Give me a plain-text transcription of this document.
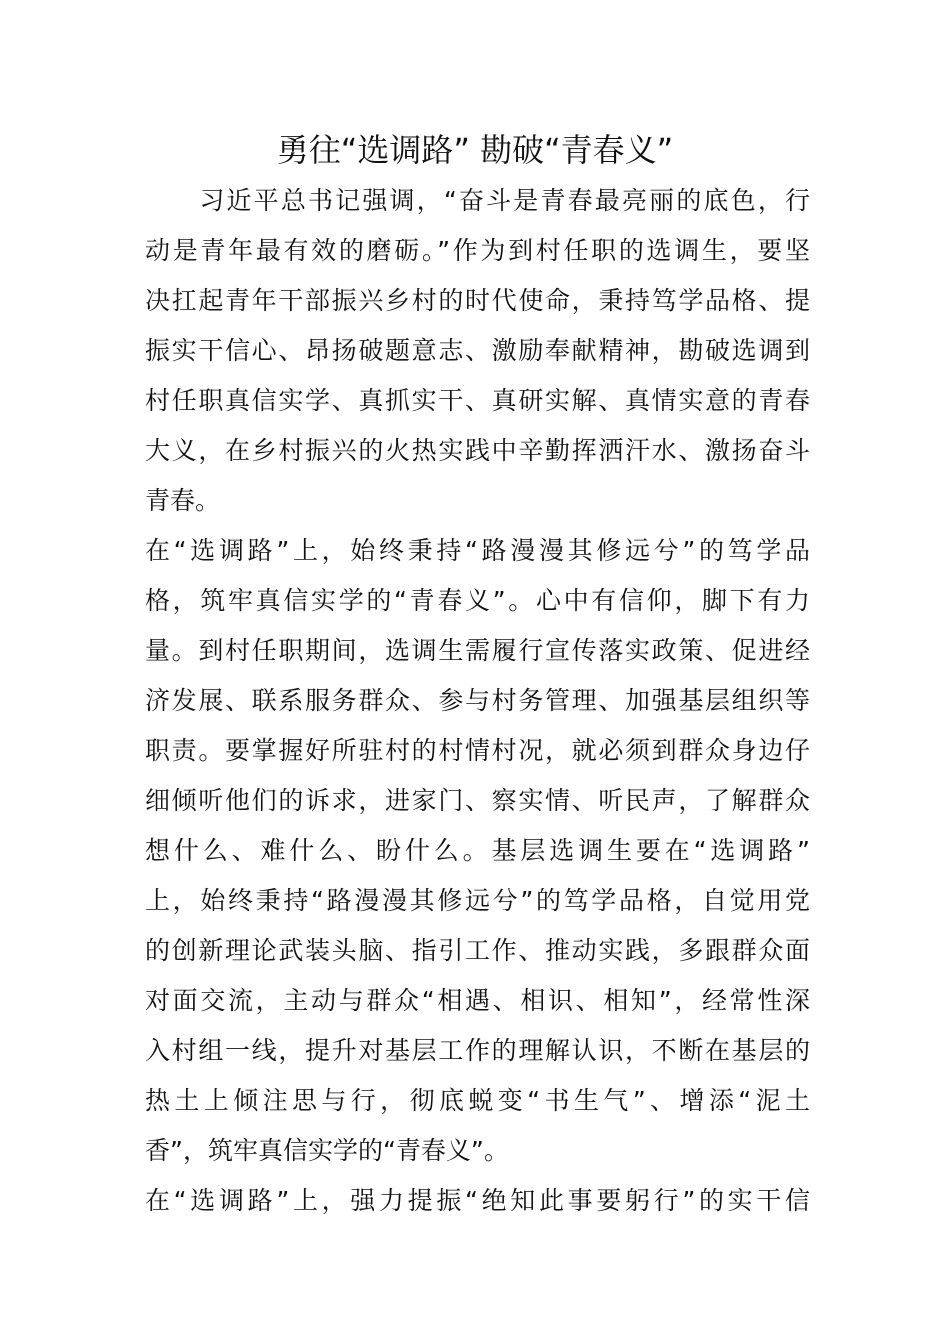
勇往“选调路” 勘破“青春义”
　　习近平总书记强调，“奋斗是青春最亮丽的底色，行
动是青年最有效的磨砺。”作为到村任职的选调生，要坚
决扛起青年干部振兴乡村的时代使命，秉持笃学品格、提
振实干信心、昂扬破题意志、激励奉献精神，勘破选调到
村任职真信实学、真抓实干、真研实解、真情实意的青春
大义，在乡村振兴的火热实践中辛勤挥洒汗水、激扬奋斗
青春。
在“选调路”上，始终秉持“路漫漫其修远兮”的笃学品
格，筑牢真信实学的“青春义”。心中有信仰，脚下有力
量。到村任职期间，选调生需履行宣传落实政策、促进经
济发展、联系服务群众、参与村务管理、加强基层组织等
职责。要掌握好所驻村的村情村况，就必须到群众身边仔
细倾听他们的诉求，进家门、察实情、听民声，了解群众
想什么、难什么、盼什么。基层选调生要在“选调路”
上，始终秉持“路漫漫其修远兮”的笃学品格，自觉用党
的创新理论武装头脑、指引工作、推动实践，多跟群众面
对面交流，主动与群众“相遇、相识、相知”，经常性深
入村组一线，提升对基层工作的理解认识，不断在基层的
热土上倾注思与行，彻底蜕变“书生气”、增添“泥土
香”，筑牢真信实学的“青春义”。
在“选调路”上，强力提振“绝知此事要躬行”的实干信
